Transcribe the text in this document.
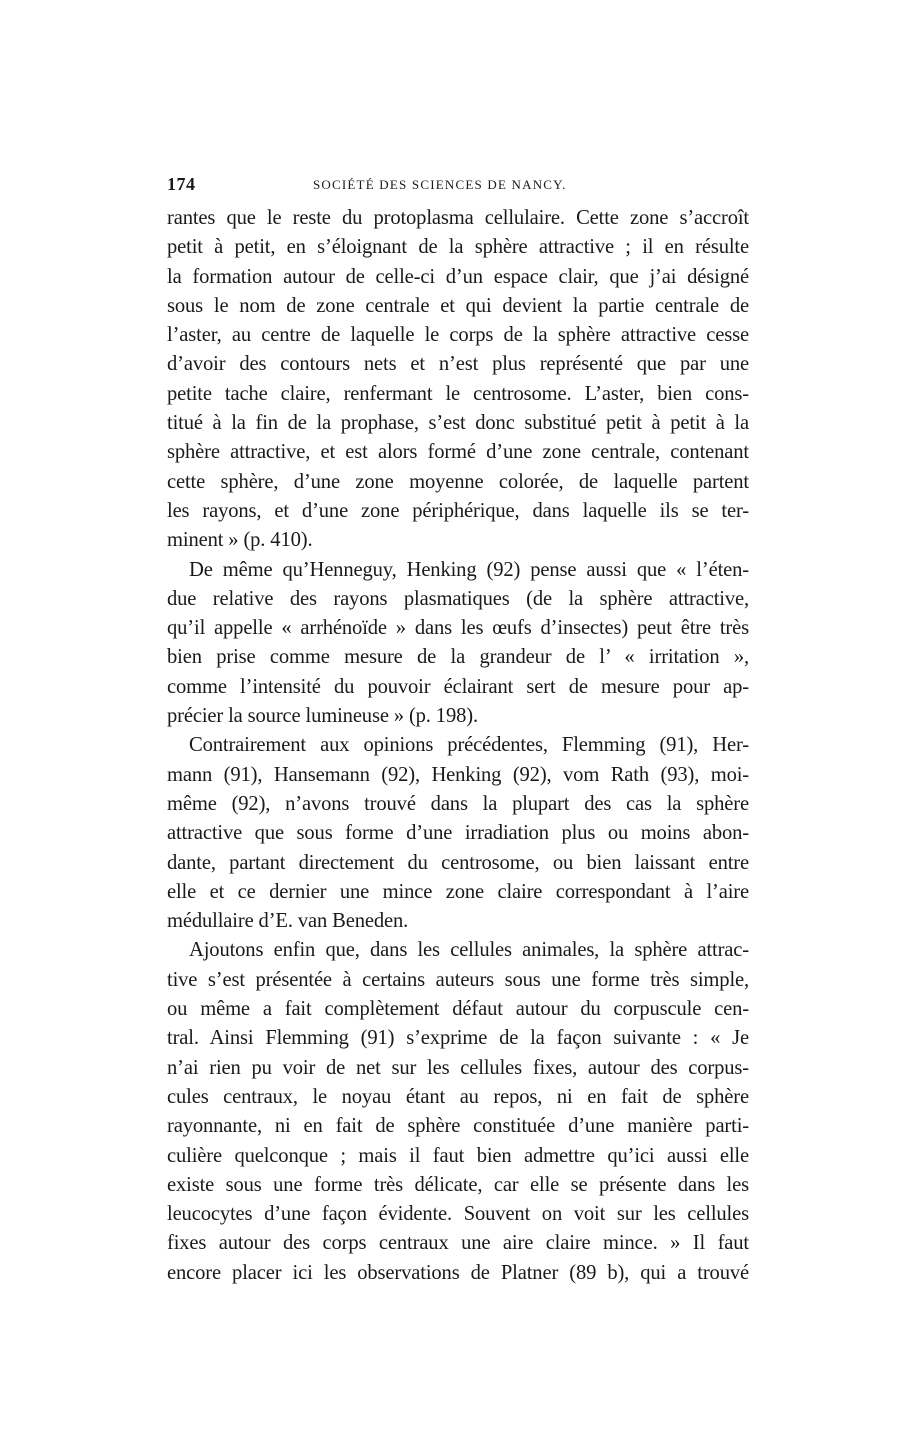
174	SOCIÉTÉ DES SCIENCES DE NANCY.

rantes que le reste du protoplasma cellulaire. Cette zone s’accroît
petit à petit, en s’éloignant de la sphère attractive ; il en résulte
la formation autour de celle-ci d’un espace clair, que j’ai désigné
sous le nom de zone centrale et qui devient la partie centrale de
l’aster, au centre de laquelle le corps de la sphère attractive cesse
d’avoir des contours nets et n’est plus représenté que par une
petite tache claire, renfermant le centrosome. L’aster, bien cons-
titué à la fin de la prophase, s’est donc substitué petit à petit à la
sphère attractive, et est alors formé d’une zone centrale, contenant
cette sphère, d’une zone moyenne colorée, de laquelle partent
les rayons, et d’une zone périphérique, dans laquelle ils se ter-
minent » (p. 410).

De même qu’Henneguy, Henking (92) pense aussi que « l’éten-
due relative des rayons plasmatiques (de la sphère attractive,
qu’il appelle « arrhénoïde » dans les œufs d’insectes) peut être très
bien prise comme mesure de la grandeur de l’ « irritation »,
comme l’intensité du pouvoir éclairant sert de mesure pour ap-
précier la source lumineuse » (p. 198).

Contrairement aux opinions précédentes, Flemming (91), Her-
mann (91), Hansemann (92), Henking (92), vom Rath (93), moi-
même (92), n’avons trouvé dans la plupart des cas la sphère
attractive que sous forme d’une irradiation plus ou moins abon-
dante, partant directement du centrosome, ou bien laissant entre
elle et ce dernier une mince zone claire correspondant à l’aire
médullaire d’E. van Beneden.

Ajoutons enfin que, dans les cellules animales, la sphère attrac-
tive s’est présentée à certains auteurs sous une forme très simple,
ou même a fait complètement défaut autour du corpuscule cen-
tral. Ainsi Flemming (91) s’exprime de la façon suivante : « Je
n’ai rien pu voir de net sur les cellules fixes, autour des corpus-
cules centraux, le noyau étant au repos, ni en fait de sphère
rayonnante, ni en fait de sphère constituée d’une manière parti-
culière quelconque ; mais il faut bien admettre qu’ici aussi elle
existe sous une forme très délicate, car elle se présente dans les
leucocytes d’une façon évidente. Souvent on voit sur les cellules
fixes autour des corps centraux une aire claire mince. » Il faut
encore placer ici les observations de Platner (89 b), qui a trouvé
